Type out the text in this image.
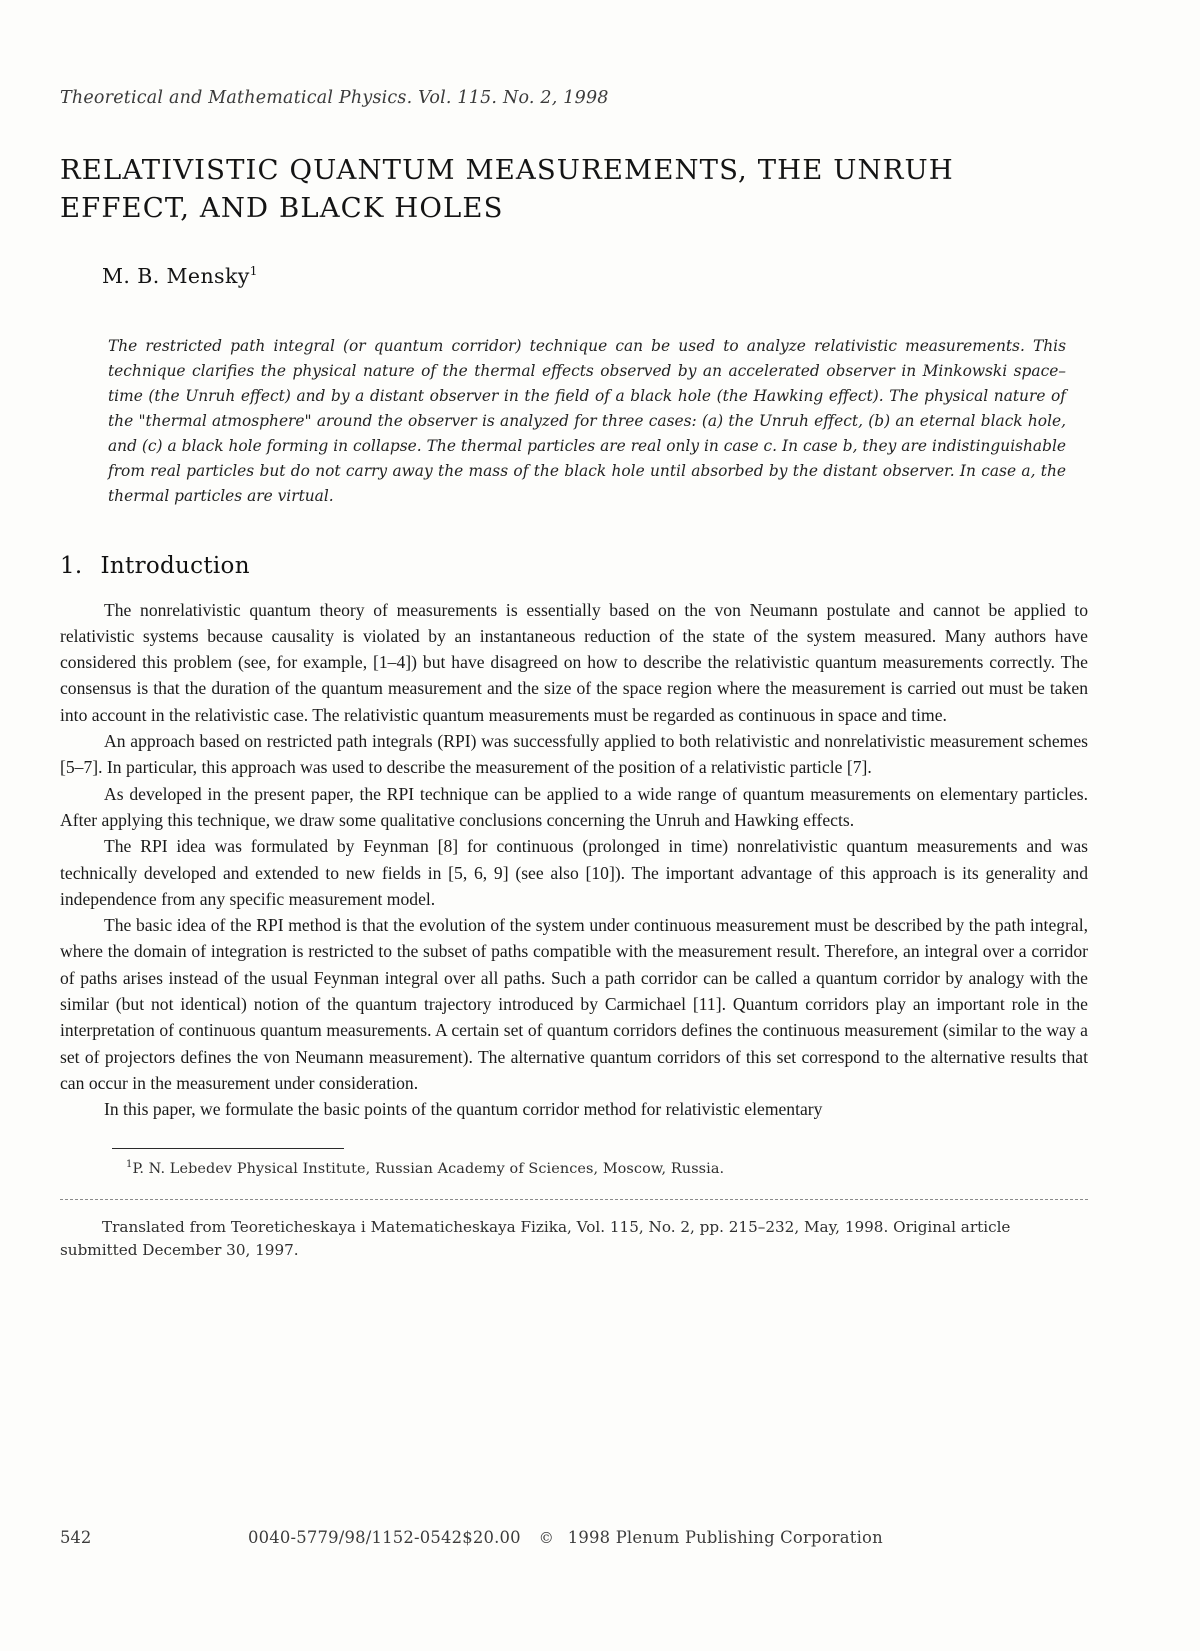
Theoretical and Mathematical Physics. Vol. 115. No. 2, 1998
RELATIVISTIC QUANTUM MEASUREMENTS, THE UNRUH EFFECT, AND BLACK HOLES
M. B. Mensky$^1$
The restricted path integral (or quantum corridor) technique can be used to analyze relativistic measurements. This technique clarifies the physical nature of the thermal effects observed by an accelerated observer in Minkowski space–time (the Unruh effect) and by a distant observer in the field of a black hole (the Hawking effect). The physical nature of the "thermal atmosphere" around the observer is analyzed for three cases: (a) the Unruh effect, (b) an eternal black hole, and (c) a black hole forming in collapse. The thermal particles are real only in case c. In case b, they are indistinguishable from real particles but do not carry away the mass of the black hole until absorbed by the distant observer. In case a, the thermal particles are virtual.
1. Introduction

The nonrelativistic quantum theory of measurements is essentially based on the von Neumann postulate and cannot be applied to relativistic systems because causality is violated by an instantaneous reduction of the state of the system measured. Many authors have considered this problem (see, for example, [1–4]) but have disagreed on how to describe the relativistic quantum measurements correctly. The consensus is that the duration of the quantum measurement and the size of the space region where the measurement is carried out must be taken into account in the relativistic case. The relativistic quantum measurements must be regarded as continuous in space and time.

An approach based on restricted path integrals (RPI) was successfully applied to both relativistic and nonrelativistic measurement schemes [5–7]. In particular, this approach was used to describe the measurement of the position of a relativistic particle [7].

As developed in the present paper, the RPI technique can be applied to a wide range of quantum measurements on elementary particles. After applying this technique, we draw some qualitative conclusions concerning the Unruh and Hawking effects.

The RPI idea was formulated by Feynman [8] for continuous (prolonged in time) nonrelativistic quantum measurements and was technically developed and extended to new fields in [5, 6, 9] (see also [10]). The important advantage of this approach is its generality and independence from any specific measurement model.

The basic idea of the RPI method is that the evolution of the system under continuous measurement must be described by the path integral, where the domain of integration is restricted to the subset of paths compatible with the measurement result. Therefore, an integral over a corridor of paths arises instead of the usual Feynman integral over all paths. Such a path corridor can be called a quantum corridor by analogy with the similar (but not identical) notion of the quantum trajectory introduced by Carmichael [11]. Quantum corridors play an important role in the interpretation of continuous quantum measurements. A certain set of quantum corridors defines the continuous measurement (similar to the way a set of projectors defines the von Neumann measurement). The alternative quantum corridors of this set correspond to the alternative results that can occur in the measurement under consideration.

In this paper, we formulate the basic points of the quantum corridor method for relativistic elementary

$^1$P. N. Lebedev Physical Institute, Russian Academy of Sciences, Moscow, Russia.
Translated from Teoreticheskaya i Matematicheskaya Fizika, Vol. 115, No. 2, pp. 215–232, May, 1998. Original article submitted December 30, 1997.
542	0040-5779/98/1152-0542$20.00 © 1998 Plenum Publishing Corporation
